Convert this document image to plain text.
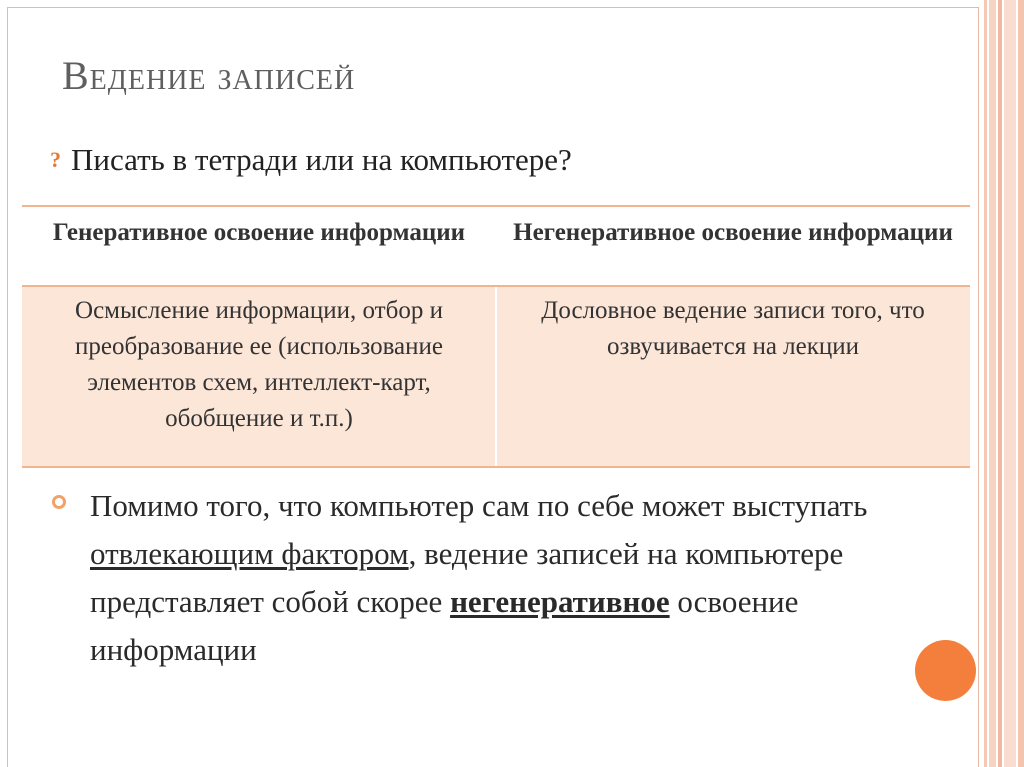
Ведение записей
? Писать в тетради или на компьютере?
Генеративное освоение информации	Негенеративное освоение информации
Осмысление информации, отбор и преобразование ее (использование элементов схем, интеллект-карт, обобщение и т.п.)
Дословное ведение записи того, что озвучивается на лекции
Помимо того, что компьютер сам по себе может выступать отвлекающим фактором, ведение записей на компьютере представляет собой скорее негенеративное освоение информации
